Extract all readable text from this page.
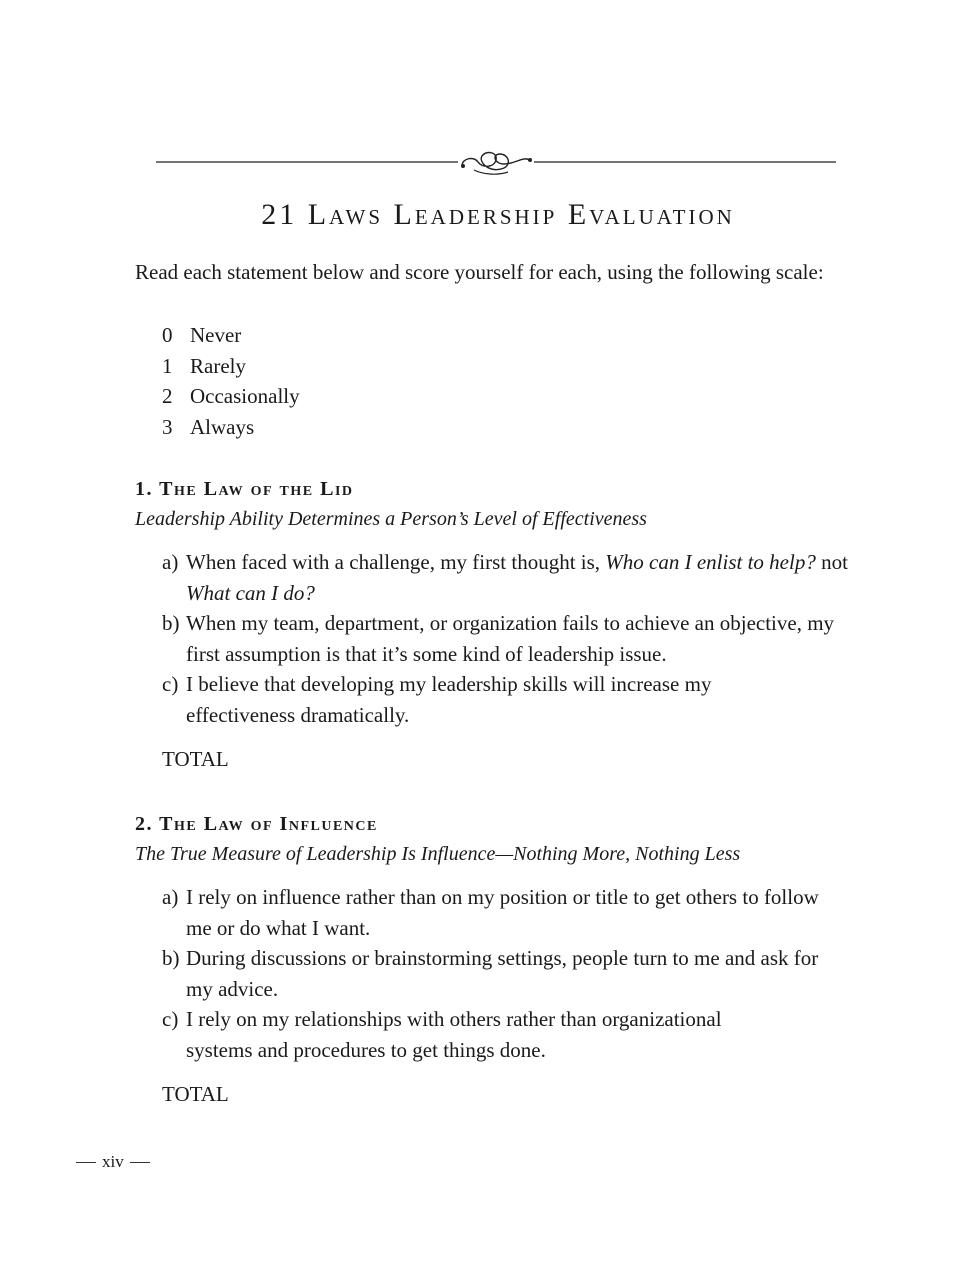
21 Laws Leadership Evaluation

Read each statement below and score yourself for each, using the following scale:

0 Never
1 Rarely
2 Occasionally
3 Always
1. The Law of the Lid

Leadership Ability Determines a Person’s Level of Effectiveness

a) When faced with a challenge, my first thought is, Who can I enlist to help? not
What can I do?
b) When my team, department, or organization fails to achieve an objective, my
first assumption is that it’s some kind of leadership issue.
c) I believe that developing my leadership skills will increase my
effectiveness dramatically.

TOTAL

2. The Law of Influence

The True Measure of Leadership Is Influence—Nothing More, Nothing Less

a) I rely on influence rather than on my position or title to get others to follow
me or do what I want.
b) During discussions or brainstorming settings, people turn to me and ask for
my advice.
c) I rely on my relationships with others rather than organizational
systems and procedures to get things done.

TOTAL

xiv
